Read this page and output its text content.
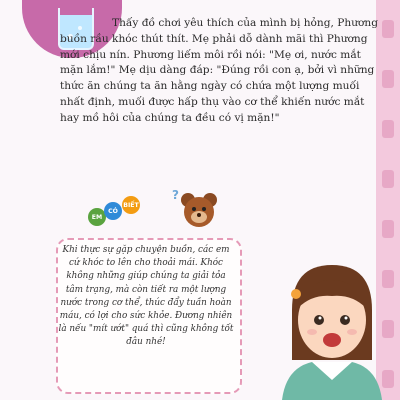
Thấy đồ chơi yêu thích của mình bị hỏng, Phương buồn rầu khóc thút thít. Mẹ phải dỗ dành mãi thì Phương mới chịu nín. Phương liếm môi rồi nói: "Mẹ ơi, nước mắt mặn lắm!" Mẹ dịu dàng đáp: "Đúng rồi con ạ, bởi vì những thức ăn chúng ta ăn hằng ngày có chứa một lượng muối nhất định, muối được hấp thụ vào cơ thể khiến nước mắt hay mồ hôi của chúng ta đều có vị mặn!"

EM
CÓ
BIẾT
?

Khi thực sự gặp chuyện buồn, các em cứ khóc to lên cho thoải mái. Khóc không những giúp chúng ta giải tỏa tâm trạng, mà còn tiết ra một lượng nước trong cơ thể, thúc đẩy tuần hoàn máu, có lợi cho sức khỏe. Đương nhiên là nếu "mít ướt" quá thì cũng không tốt đâu nhé!
